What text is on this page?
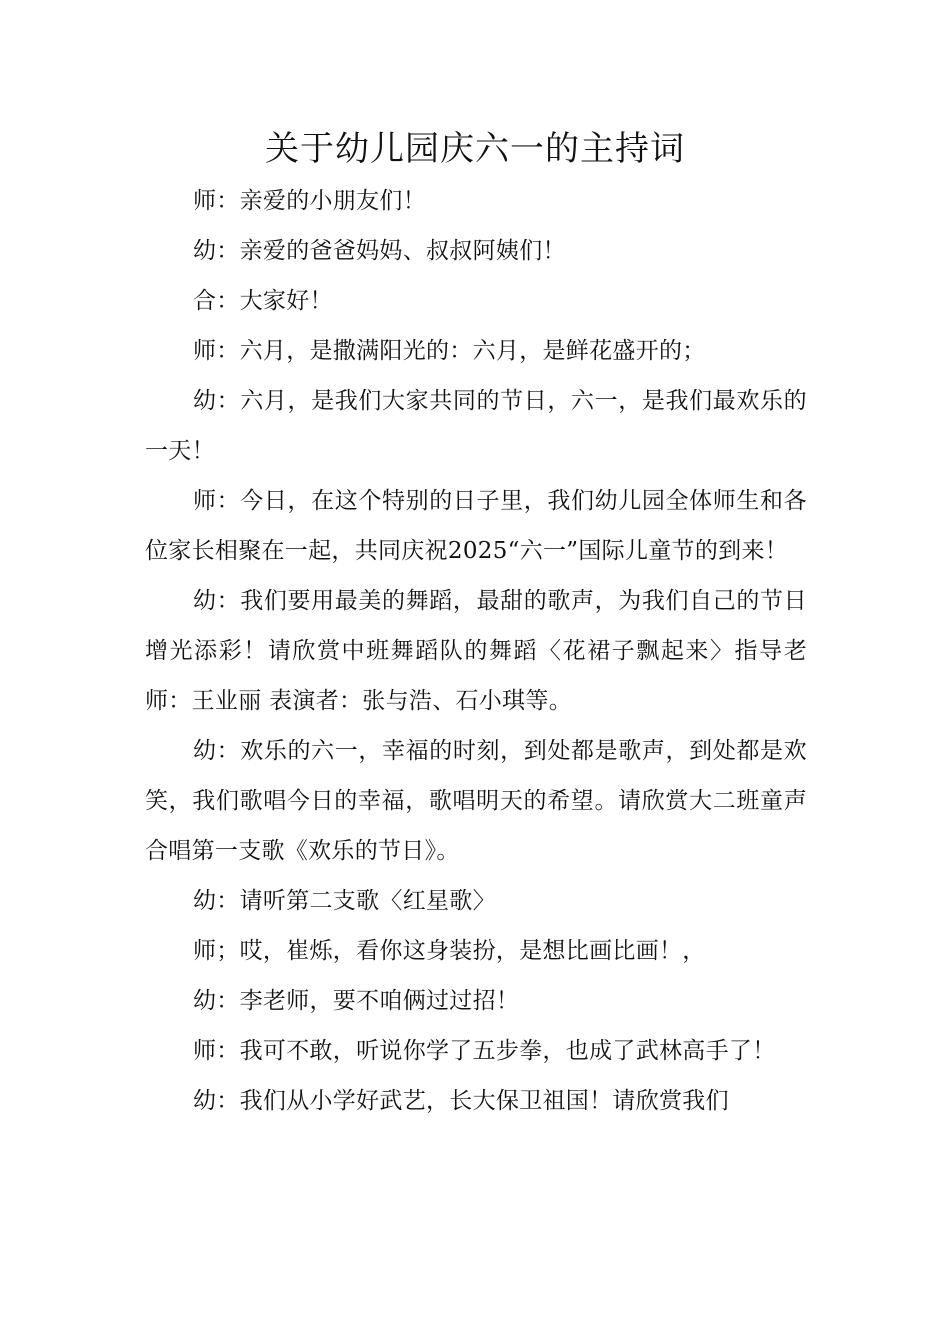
关于幼儿园庆六一的主持词

师：亲爱的小朋友们！

幼：亲爱的爸爸妈妈、叔叔阿姨们！

合：大家好！

师：六月，是撒满阳光的：六月，是鲜花盛开的；

幼：六月，是我们大家共同的节日，六一，是我们最欢乐的一天！

师：今日，在这个特别的日子里，我们幼儿园全体师生和各位家长相聚在一起，共同庆祝2025“六一”国际儿童节的到来！

幼：我们要用最美的舞蹈，最甜的歌声，为我们自己的节日增光添彩！请欣赏中班舞蹈队的舞蹈〈花裙子飘起来〉指导老师：王业丽 表演者：张与浩、石小琪等。

幼：欢乐的六一，幸福的时刻，到处都是歌声，到处都是欢笑，我们歌唱今日的幸福，歌唱明天的希望。请欣赏大二班童声合唱第一支歌《欢乐的节日》。

幼：请听第二支歌〈红星歌〉

师；哎，崔烁，看你这身装扮，是想比画比画！，

幼：李老师，要不咱俩过过招！

师：我可不敢，听说你学了五步拳，也成了武林高手了！

幼：我们从小学好武艺，长大保卫祖国！请欣赏我们
